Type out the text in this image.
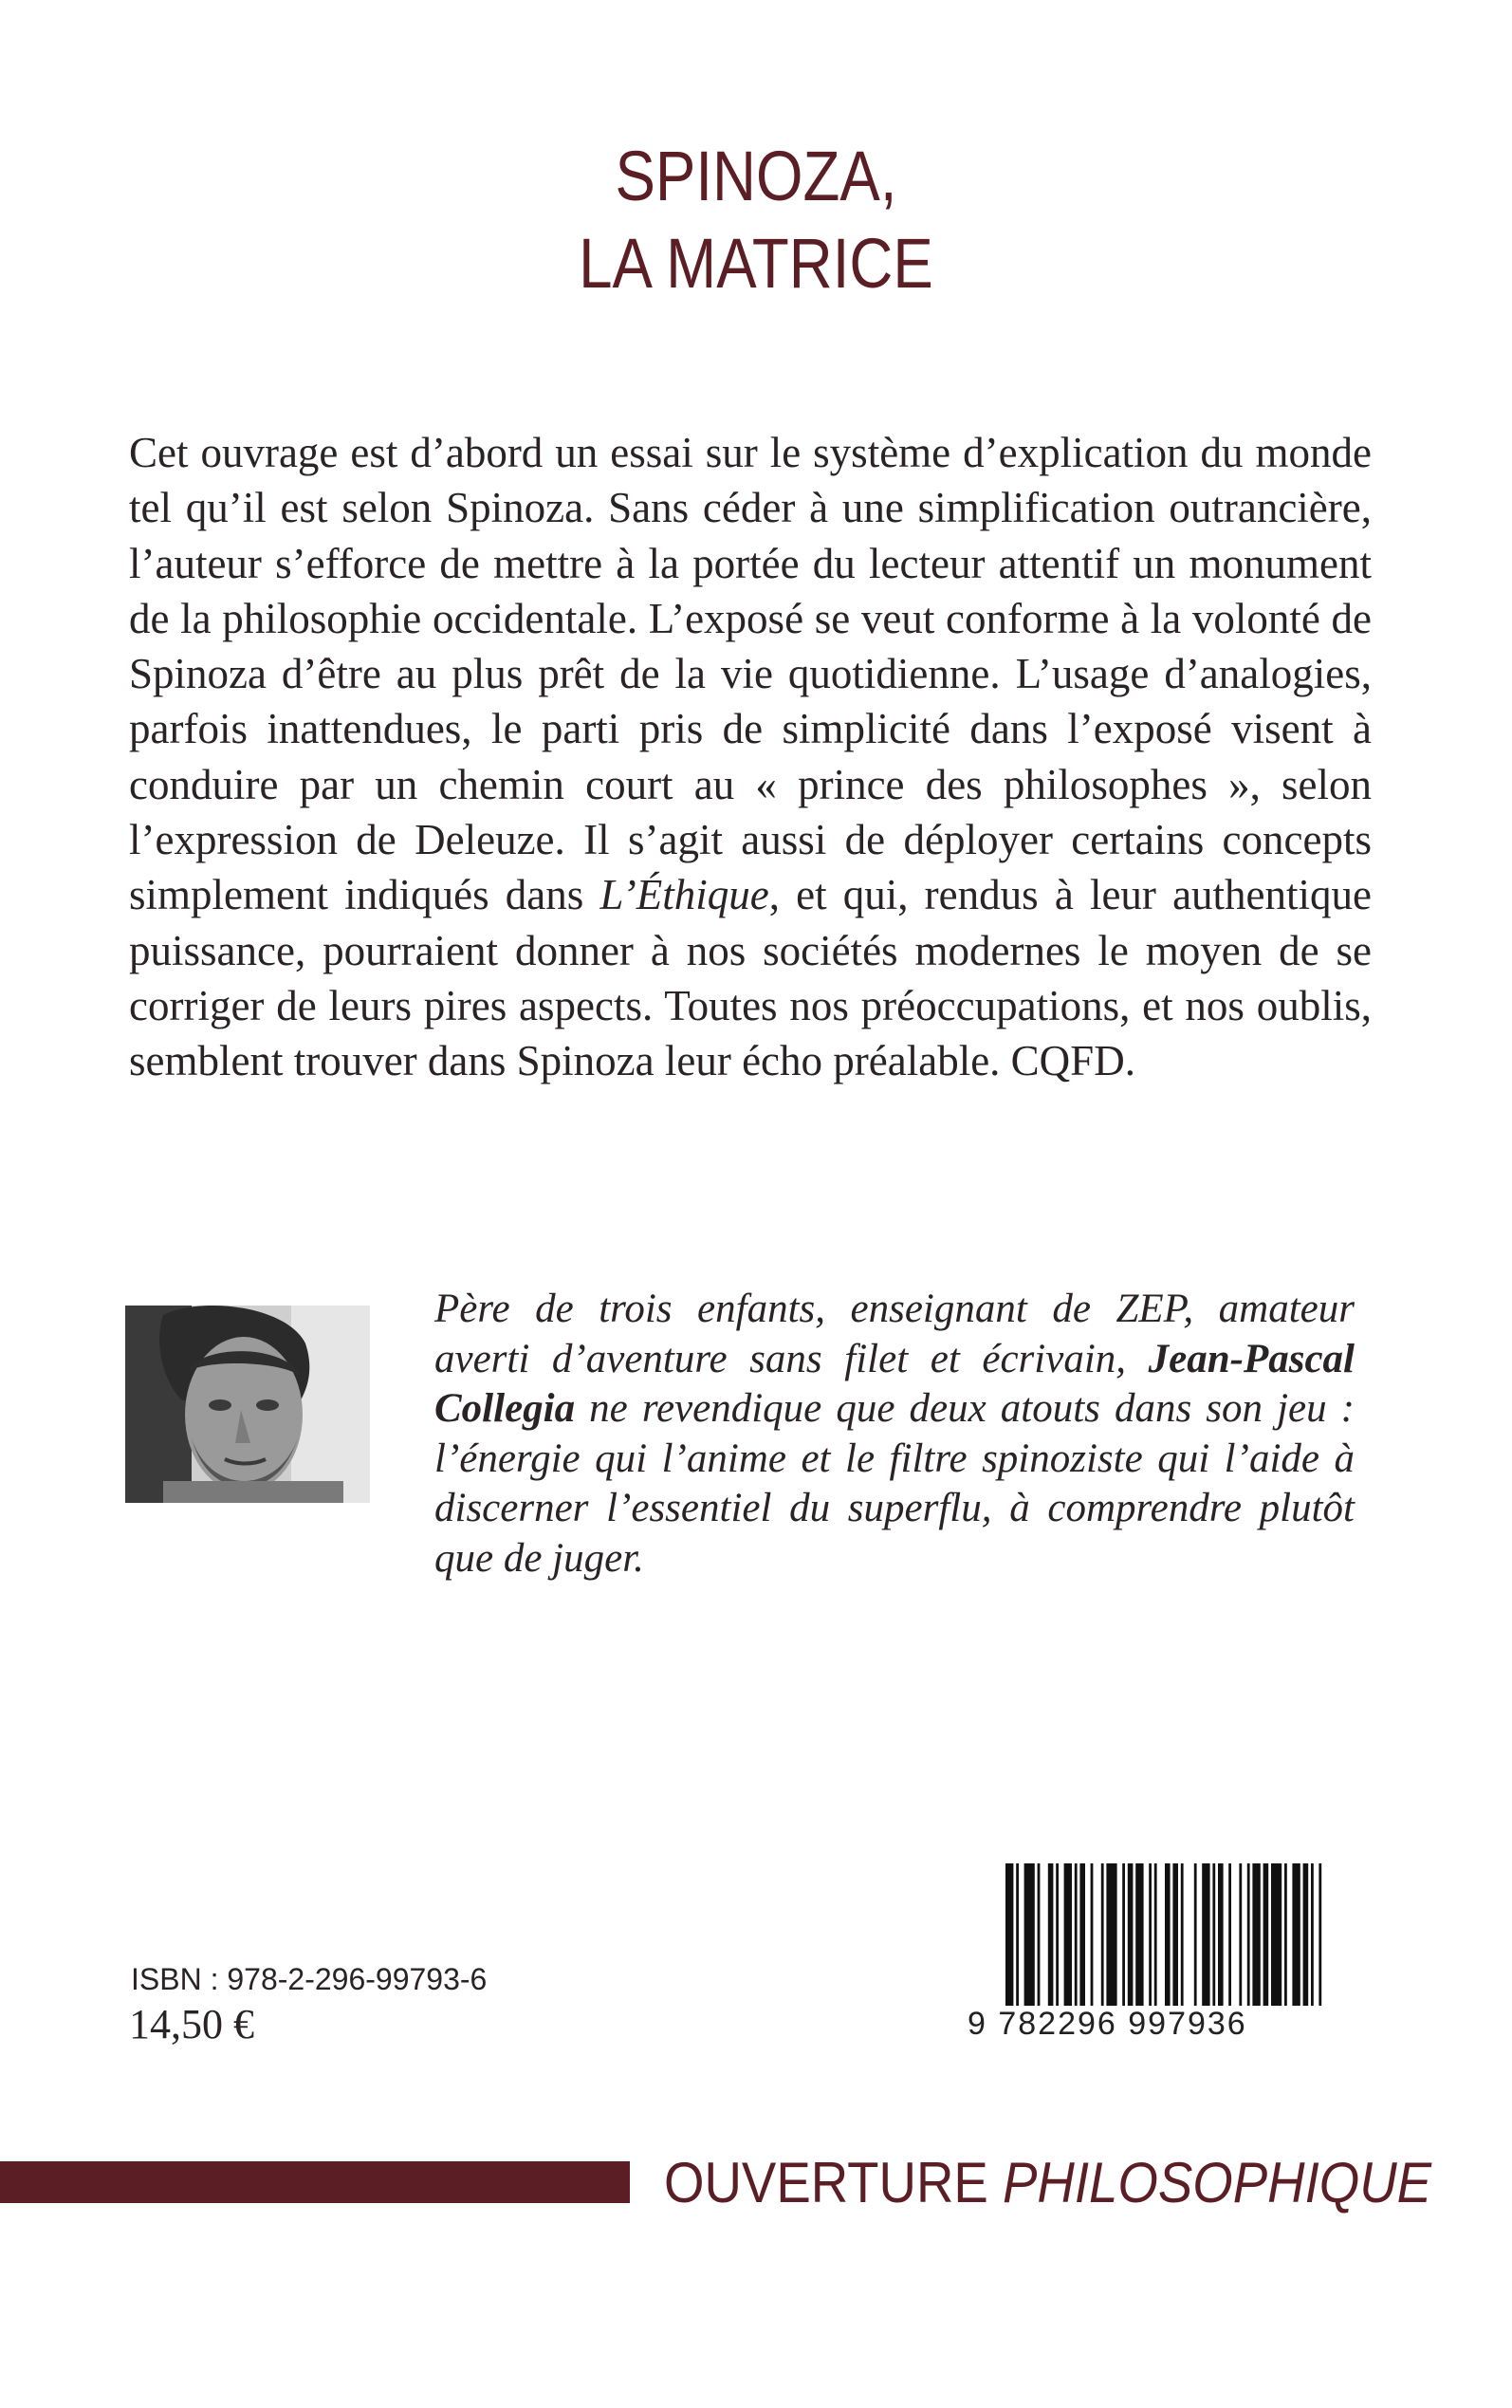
SPINOZA,
LA MATRICE

Cet ouvrage est d’abord un essai sur le système d’explication du monde tel qu’il est selon Spinoza. Sans céder à une simplification outrancière, l’auteur s’efforce de mettre à la portée du lecteur attentif un monument de la philosophie occidentale. L’exposé se veut conforme à la volonté de Spinoza d’être au plus prêt de la vie quotidienne. L’usage d’analogies, parfois inattendues, le parti pris de simplicité dans l’exposé visent à conduire par un chemin court au « prince des philosophes », selon l’expression de Deleuze. Il s’agit aussi de déployer certains concepts simplement indiqués dans L’Éthique, et qui, rendus à leur authentique puissance, pourraient donner à nos sociétés modernes le moyen de se corriger de leurs pires aspects. Toutes nos préoccupations, et nos oublis, semblent trouver dans Spinoza leur écho préalable. CQFD.

Père de trois enfants, enseignant de ZEP, amateur averti d’aventure sans filet et écrivain, Jean-Pascal Collegia ne revendique que deux atouts dans son jeu : l’énergie qui l’anime et le filtre spinoziste qui l’aide à discerner l’essentiel du superflu, à comprendre plutôt que de juger.

9 782296 997936
ISBN : 978-2-296-99793-6
14,50 €
OUVERTURE PHILOSOPHIQUE
